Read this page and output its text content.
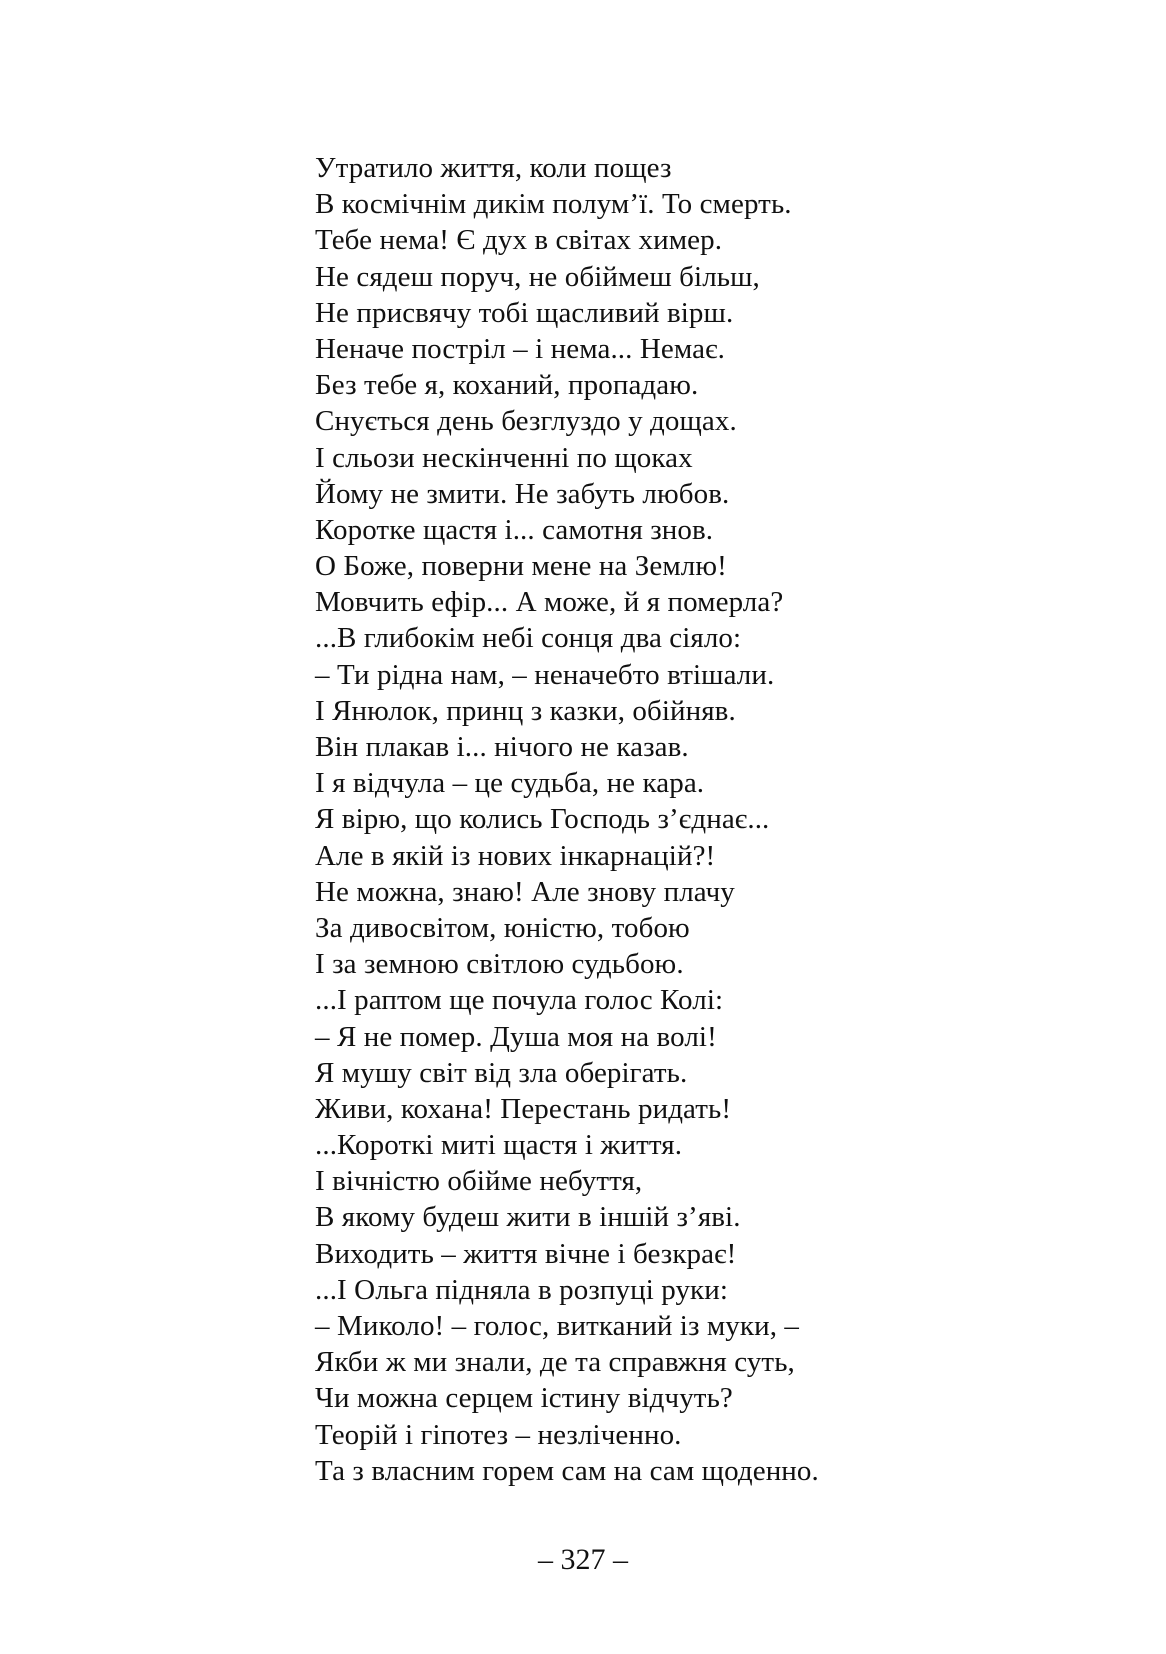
Утратило життя, коли пощез
В космічнім дикім полум’ї. То смерть.
Тебе нема! Є дух в світах химер.
Не сядеш поруч, не обіймеш більш,
Не присвячу тобі щасливий вірш.
Неначе постріл – і нема... Немає.
Без тебе я, коханий, пропадаю.
Снується день безглуздо у дощах.
І сльози нескінченні по щоках
Йому не змити. Не забуть любов.
Коротке щастя і... самотня знов.
О Боже, поверни мене на Землю!
Мовчить ефір... А може, й я померла?
...В глибокім небі сонця два сіяло:
– Ти рідна нам, – неначебто втішали.
І Янюлок, принц з казки, обійняв.
Він плакав і... нічого не казав.
І я відчула – це судьба, не кара.
Я вірю, що колись Господь з’єднає...
Але в якій із нових інкарнацій?!
Не можна, знаю! Але знову плачу
За дивосвітом, юністю, тобою
І за земною світлою судьбою.
...І раптом ще почула голос Колі:
– Я не помер. Душа моя на волі!
Я мушу світ від зла оберігать.
Живи, кохана! Перестань ридать!
...Короткі миті щастя і життя.
І вічністю обійме небуття,
В якому будеш жити в іншій з’яві.
Виходить – життя вічне і безкрає!
...І Ольга підняла в розпуці руки:
– Миколо! – голос, витканий із муки, –
Якби ж ми знали, де та справжня суть,
Чи можна серцем істину відчуть?
Теорій і гіпотез – незліченно.
Та з власним горем сам на сам щоденно.
– 327 –
